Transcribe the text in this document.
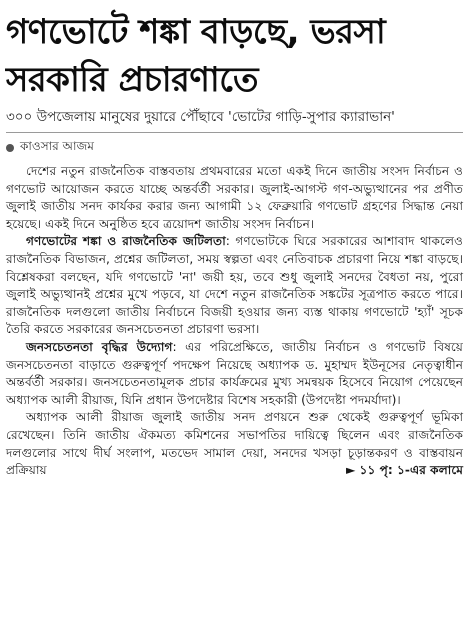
গণভোটে শঙ্কা বাড়ছে, ভরসা
সরকারি প্রচারণাতে
৩০০ উপজেলায় মানুষের দুয়ারে পৌঁছাবে 'ভোটের গাড়ি-সুপার ক্যারাভান'
কাওসার আজম

দেশের নতুন রাজনৈতিক বাস্তবতায় প্রথমবারের মতো একই দিনে জাতীয় সংসদ নির্বাচন ও গণভোট আয়োজন করতে যাচ্ছে অন্তর্বর্তী সরকার। জুলাই-আগস্ট গণ-অভ্যুত্থানের পর প্রণীত জুলাই জাতীয় সনদ কার্যকর করার জন্য আগামী ১২ ফেব্রুয়ারি গণভোট গ্রহণের সিদ্ধান্ত নেয়া হয়েছে। একই দিনে অনুষ্ঠিত হবে ত্রয়োদশ জাতীয় সংসদ নির্বাচন।

গণভোটের শঙ্কা ও রাজনৈতিক জটিলতা: গণভোটকে ঘিরে সরকারের আশাবাদ থাকলেও রাজনৈতিক বিভাজন, প্রশ্নের জটিলতা, সময় স্বল্পতা এবং নেতিবাচক প্রচারণা নিয়ে শঙ্কা বাড়ছে। বিশ্লেষকরা বলছেন, যদি গণভোটে 'না' জয়ী হয়, তবে শুধু জুলাই সনদের বৈধতা নয়, পুরো জুলাই অভ্যুত্থানই প্রশ্নের মুখে পড়বে, যা দেশে নতুন রাজনৈতিক সঙ্কটের সূত্রপাত করতে পারে। রাজনৈতিক দলগুলো জাতীয় নির্বাচনে বিজয়ী হওয়ার জন্য ব্যস্ত থাকায় গণভোটে 'হ্যাঁ' সূচক তৈরি করতে সরকারের জনসচেতনতা প্রচারণা ভরসা।

জনসচেতনতা বৃদ্ধির উদ্যোগ: এর পরিপ্রেক্ষিতে, জাতীয় নির্বাচন ও গণভোট বিষয়ে জনসচেতনতা বাড়াতে গুরুত্বপূর্ণ পদক্ষেপ নিয়েছে অধ্যাপক ড. মুহাম্মদ ইউনূসের নেতৃত্বাধীন অন্তর্বর্তী সরকার। জনসচেতনতামূলক প্রচার কার্যক্রমের মুখ্য সমন্বয়ক হিসেবে নিয়োগ পেয়েছেন অধ্যাপক আলী রীয়াজ, যিনি প্রধান উপদেষ্টার বিশেষ সহকারী (উপদেষ্টা পদমর্যাদা)।

অধ্যাপক আলী রীয়াজ জুলাই জাতীয় সনদ প্রণয়নে শুরু থেকেই গুরুত্বপূর্ণ ভূমিকা রেখেছেন। তিনি জাতীয় ঐকমত্য কমিশনের সভাপতির দায়িত্বে ছিলেন এবং রাজনৈতিক দলগুলোর সাথে দীর্ঘ সংলাপ, মতভেদ সামাল দেয়া, সনদের খসড়া চূড়ান্তকরণ ও বাস্তবায়ন প্রক্রিয়ায়	► ১১ পৃ: ১-এর কলামে
